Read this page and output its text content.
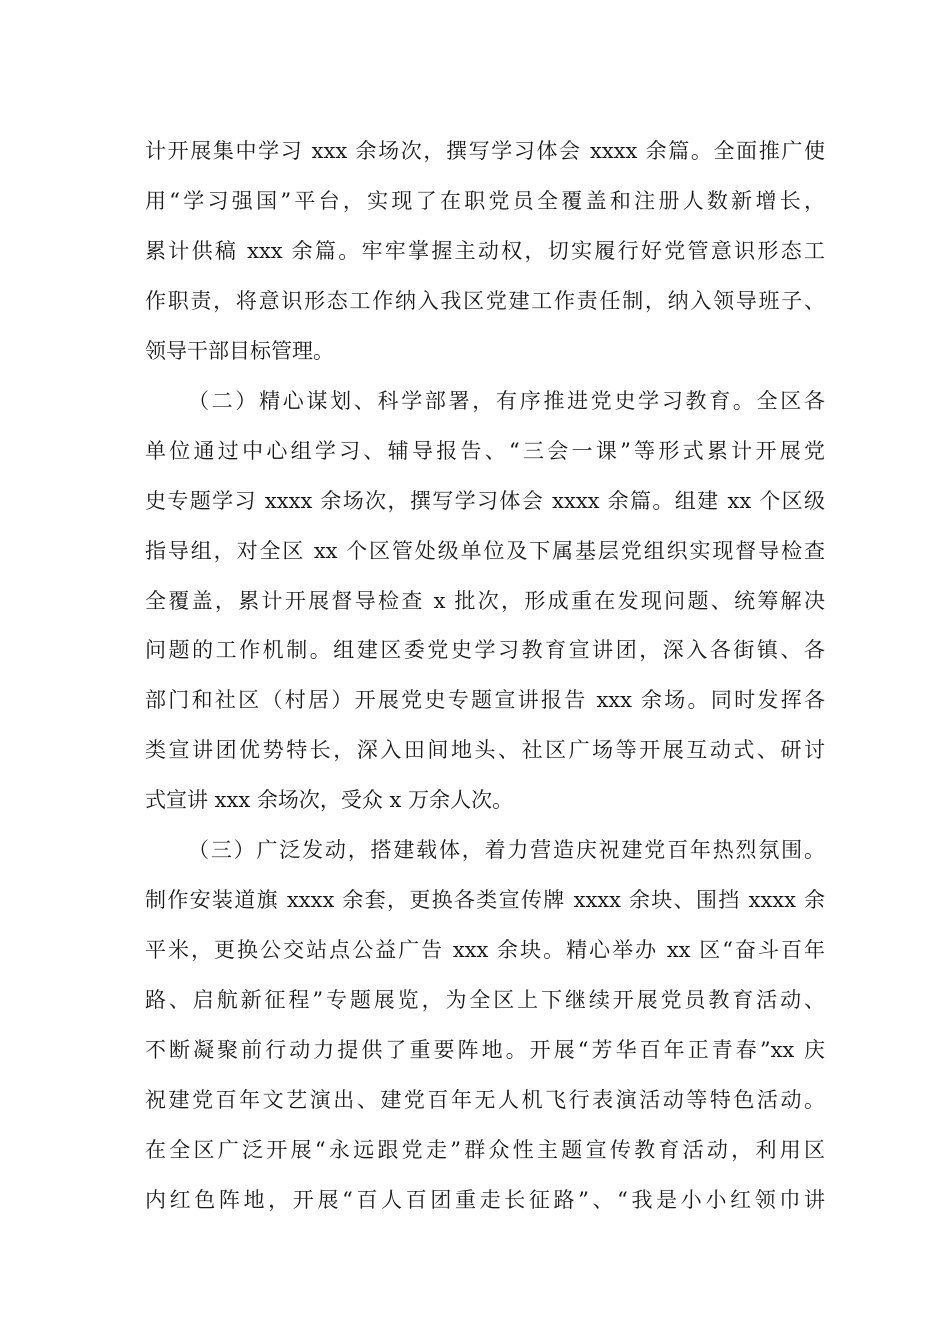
计开展集中学习 xxx 余场次，撰写学习体会 xxxx 余篇。全面推广使
用“学习强国”平台，实现了在职党员全覆盖和注册人数新增长，
累计供稿 xxx 余篇。牢牢掌握主动权，切实履行好党管意识形态工
作职责，将意识形态工作纳入我区党建工作责任制，纳入领导班子、
领导干部目标管理。
（二）精心谋划、科学部署，有序推进党史学习教育。全区各
单位通过中心组学习、辅导报告、“三会一课”等形式累计开展党
史专题学习 xxxx 余场次，撰写学习体会 xxxx 余篇。组建 xx 个区级
指导组，对全区 xx 个区管处级单位及下属基层党组织实现督导检查
全覆盖，累计开展督导检查 x 批次，形成重在发现问题、统筹解决
问题的工作机制。组建区委党史学习教育宣讲团，深入各街镇、各
部门和社区（村居）开展党史专题宣讲报告 xxx 余场。同时发挥各
类宣讲团优势特长，深入田间地头、社区广场等开展互动式、研讨
式宣讲 xxx 余场次，受众 x 万余人次。
（三）广泛发动，搭建载体，着力营造庆祝建党百年热烈氛围。
制作安装道旗 xxxx 余套，更换各类宣传牌 xxxx 余块、围挡 xxxx 余
平米，更换公交站点公益广告 xxx 余块。精心举办 xx 区“奋斗百年
路、启航新征程”专题展览，为全区上下继续开展党员教育活动、
不断凝聚前行动力提供了重要阵地。开展“芳华百年正青春”xx 庆
祝建党百年文艺演出、建党百年无人机飞行表演活动等特色活动。
在全区广泛开展“永远跟党走”群众性主题宣传教育活动，利用区
内红色阵地，开展“百人百团重走长征路”、“我是小小红领巾讲
